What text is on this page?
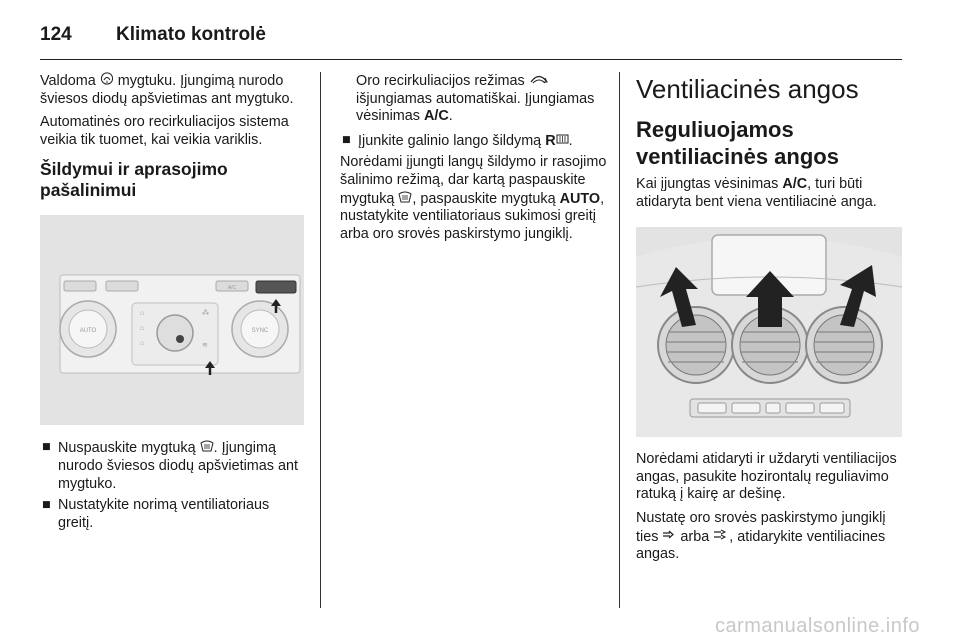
124	Klimato kontrolė

Valdoma A mygtuku. Įjungimą nurodo šviesos diodų apšvietimas ant mygtuko.

Automatinės oro recirkuliacijos sistema veikia tik tuomet, kai veikia variklis.

Šildymui ir aprasojimo pašalinimui
⌂
⌂
⌂
⁂
≋
AUTO	SYNC
A/C
■ Nuspauskite mygtuką . Įjungimą nurodo šviesos diodų apšvietimas ant mygtuko.
■ Nustatykite norimą ventiliatoriaus greitį.

Oro recirkuliacijos režimas  išjungiamas automatiškai. Įjungiamas vėsinimas A/C.

■ Įjunkite galinio lango šildymą R .

Norėdami įjungti langų šildymo ir rasojimo šalinimo režimą, dar kartą paspauskite mygtuką , paspauskite mygtuką AUTO, nustatykite ventiliatoriaus sukimosi greitį arba oro srovės paskirstymo jungiklį.

Ventiliacinės angos
Reguliuojamos ventiliacinės angos

Kai įjungtas vėsinimas A/C, turi būti atidaryta bent viena ventiliacinė anga.

Norėdami atidaryti ir uždaryti ventiliacijos angas, pasukite hozirontalų reguliavimo ratuką į kairę ar dešinę.

Nustatę oro srovės paskirstymo jungiklį ties  arba , atidarykite ventiliacines angas.

carmanualsonline.info
